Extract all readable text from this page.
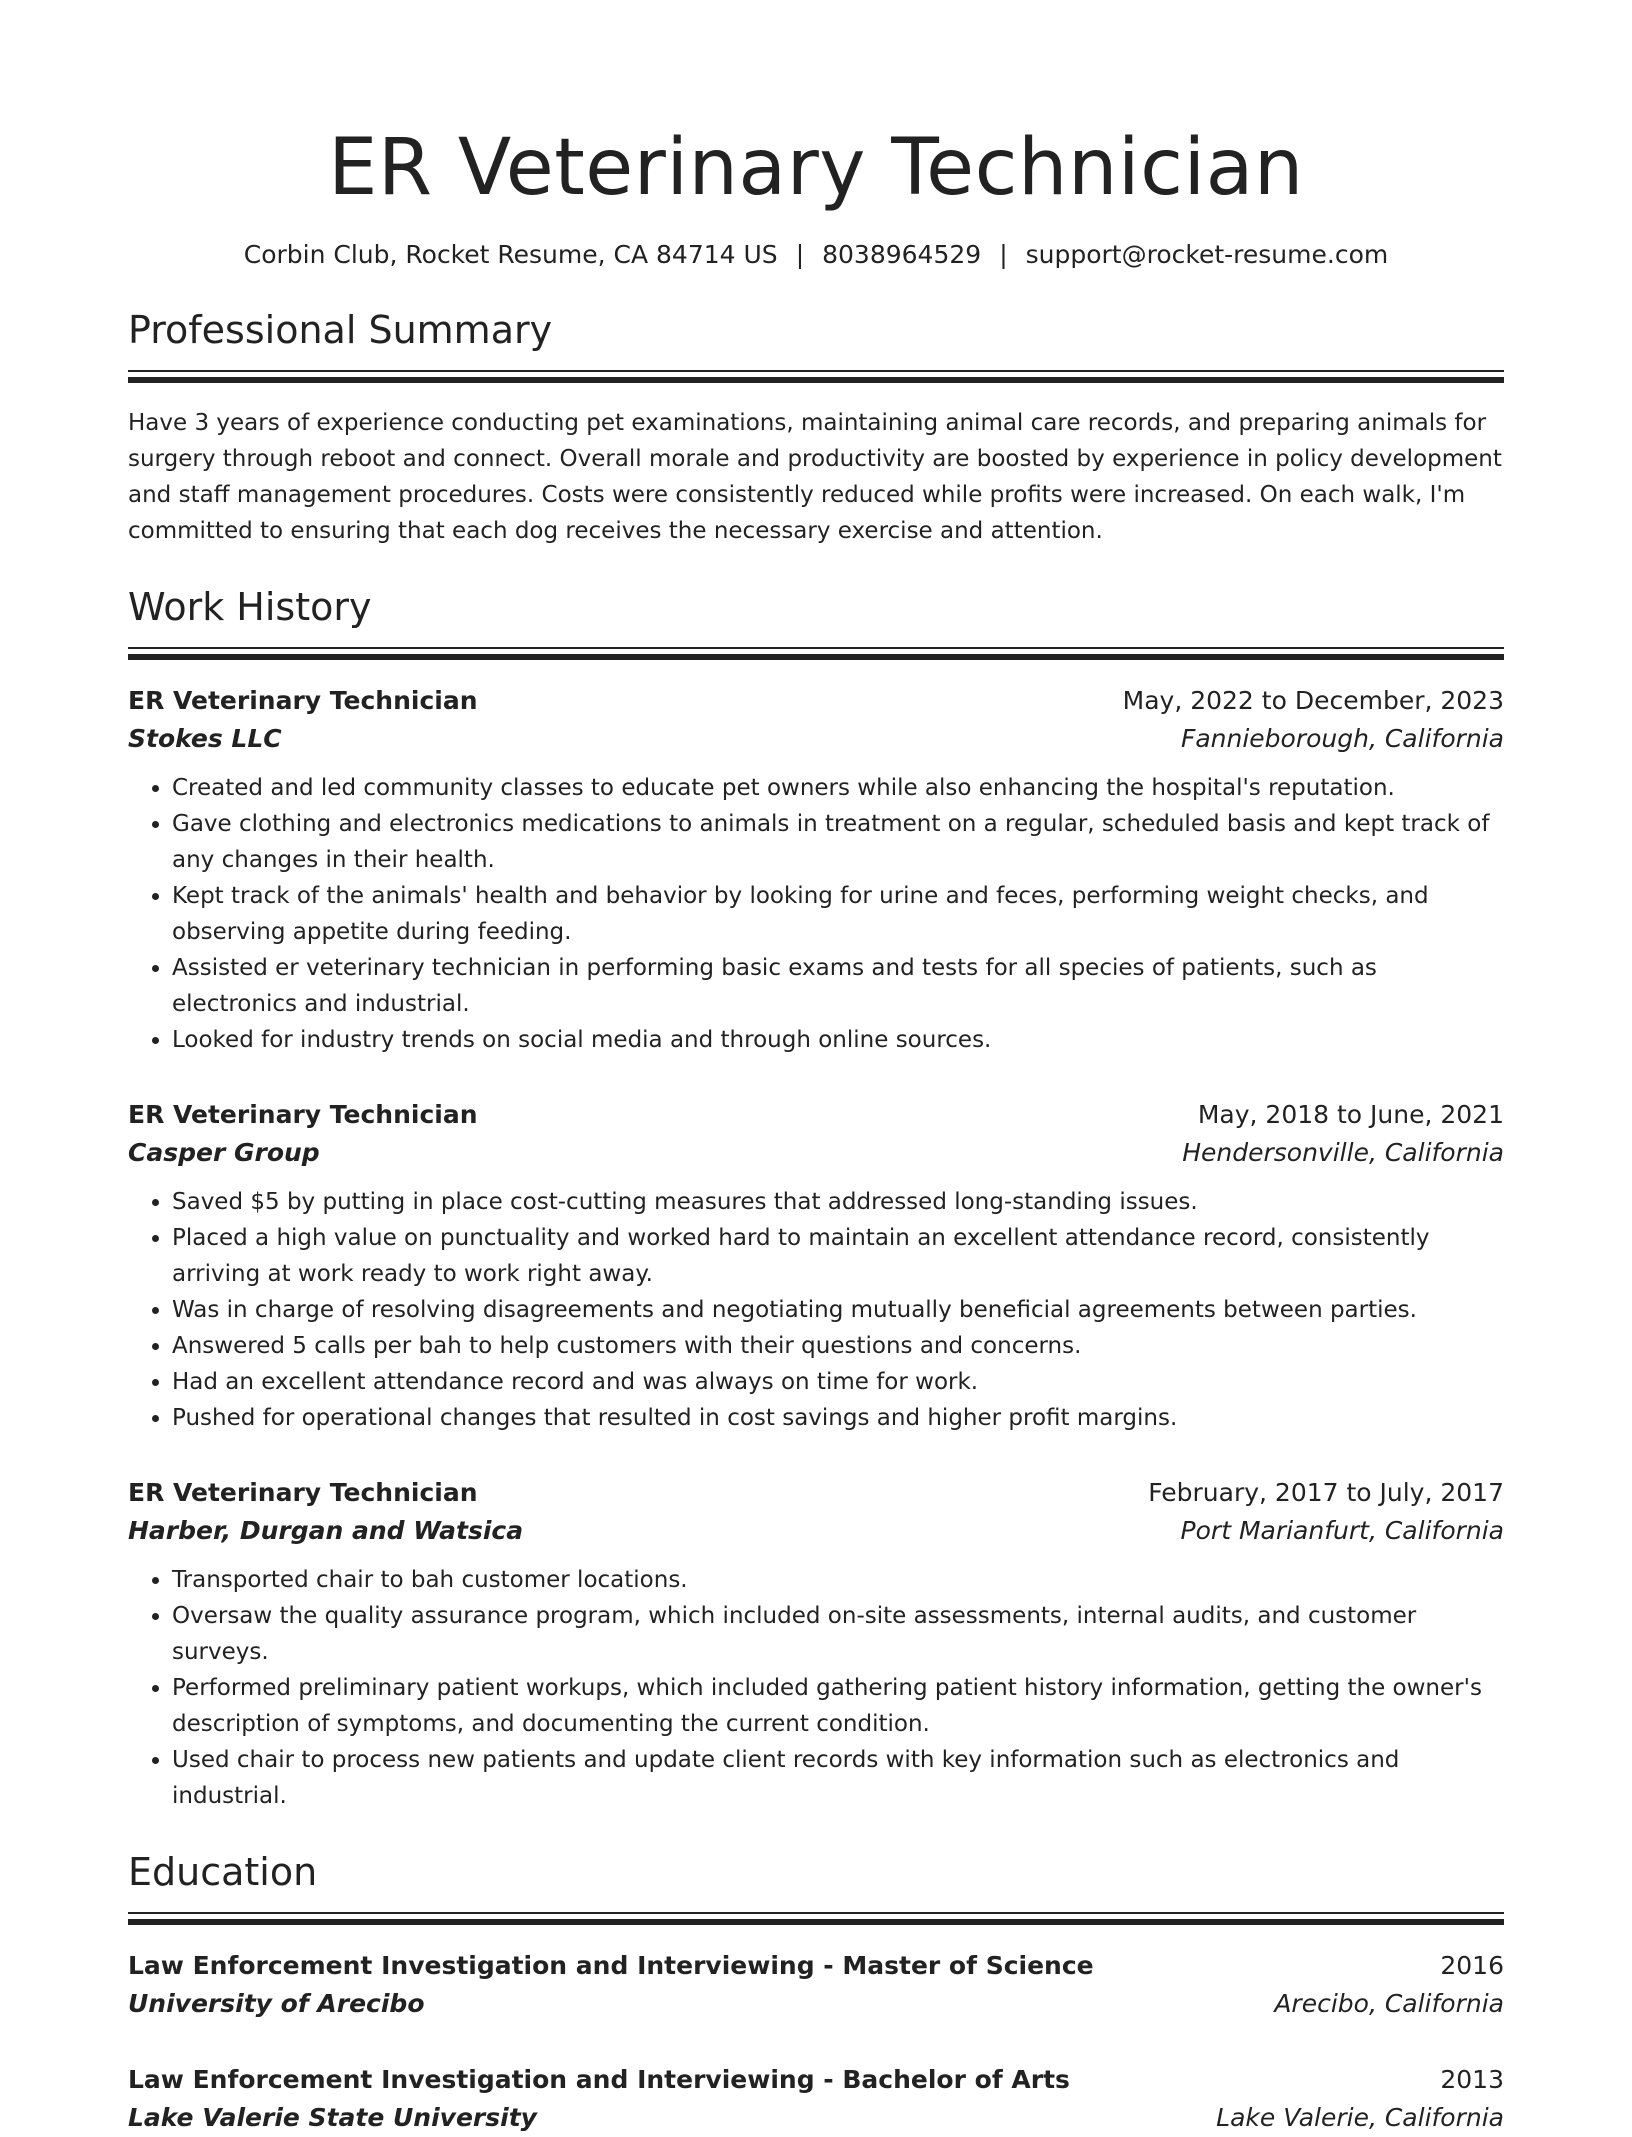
ER Veterinary Technician
Corbin Club, Rocket Resume, CA 84714 US | 8038964529 | support@rocket-resume.com
Professional Summary
Have 3 years of experience conducting pet examinations, maintaining animal care records, and preparing animals for surgery through reboot and connect. Overall morale and productivity are boosted by experience in policy development and staff management procedures. Costs were consistently reduced while profits were increased. On each walk, I'm committed to ensuring that each dog receives the necessary exercise and attention.
Work History
ER Veterinary Technician	May, 2022 to December, 2023
Stokes LLC	Fannieborough, California
• Created and led community classes to educate pet owners while also enhancing the hospital's reputation.
• Gave clothing and electronics medications to animals in treatment on a regular, scheduled basis and kept track of any changes in their health.
• Kept track of the animals' health and behavior by looking for urine and feces, performing weight checks, and observing appetite during feeding.
• Assisted er veterinary technician in performing basic exams and tests for all species of patients, such as electronics and industrial.
• Looked for industry trends on social media and through online sources.
ER Veterinary Technician	May, 2018 to June, 2021
Casper Group	Hendersonville, California
• Saved $5 by putting in place cost-cutting measures that addressed long-standing issues.
• Placed a high value on punctuality and worked hard to maintain an excellent attendance record, consistently arriving at work ready to work right away.
• Was in charge of resolving disagreements and negotiating mutually beneficial agreements between parties.
• Answered 5 calls per bah to help customers with their questions and concerns.
• Had an excellent attendance record and was always on time for work.
• Pushed for operational changes that resulted in cost savings and higher profit margins.
ER Veterinary Technician	February, 2017 to July, 2017
Harber, Durgan and Watsica	Port Marianfurt, California
• Transported chair to bah customer locations.
• Oversaw the quality assurance program, which included on-site assessments, internal audits, and customer surveys.
• Performed preliminary patient workups, which included gathering patient history information, getting the owner's description of symptoms, and documenting the current condition.
• Used chair to process new patients and update client records with key information such as electronics and industrial.
Education
Law Enforcement Investigation and Interviewing - Master of Science	2016
University of Arecibo	Arecibo, California
Law Enforcement Investigation and Interviewing - Bachelor of Arts	2013
Lake Valerie State University	Lake Valerie, California
